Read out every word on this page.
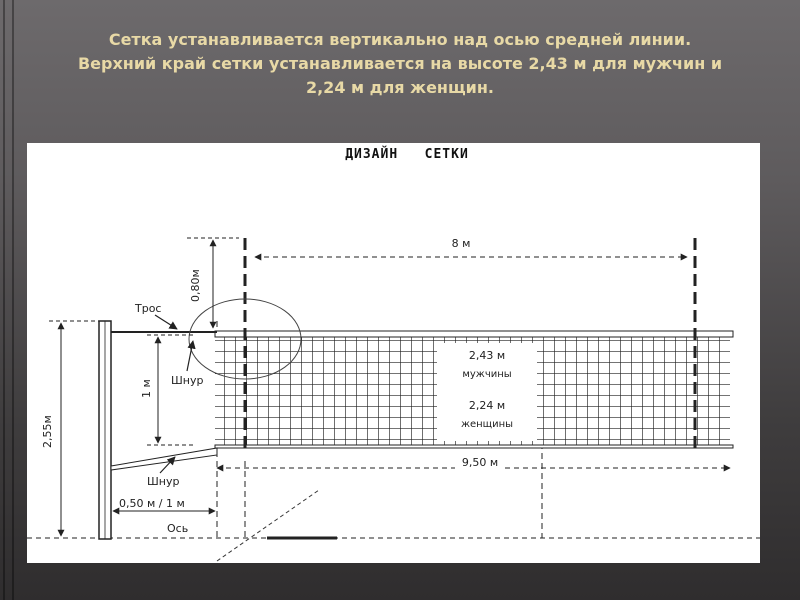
Сетка устанавливается вертикально над осью средней линии.
Верхний край сетки устанавливается на высоте 2,43 м для мужчин и
2,24 м для женщин.
ДИЗАЙН   СЕТКИ
8 м
0,80м
1 м
2,55м
0,50 м / 1 м
Ось
9,50 м
2,43 м
мужчины
2,24 м
женщины
Трос
Шнур
Шнур
